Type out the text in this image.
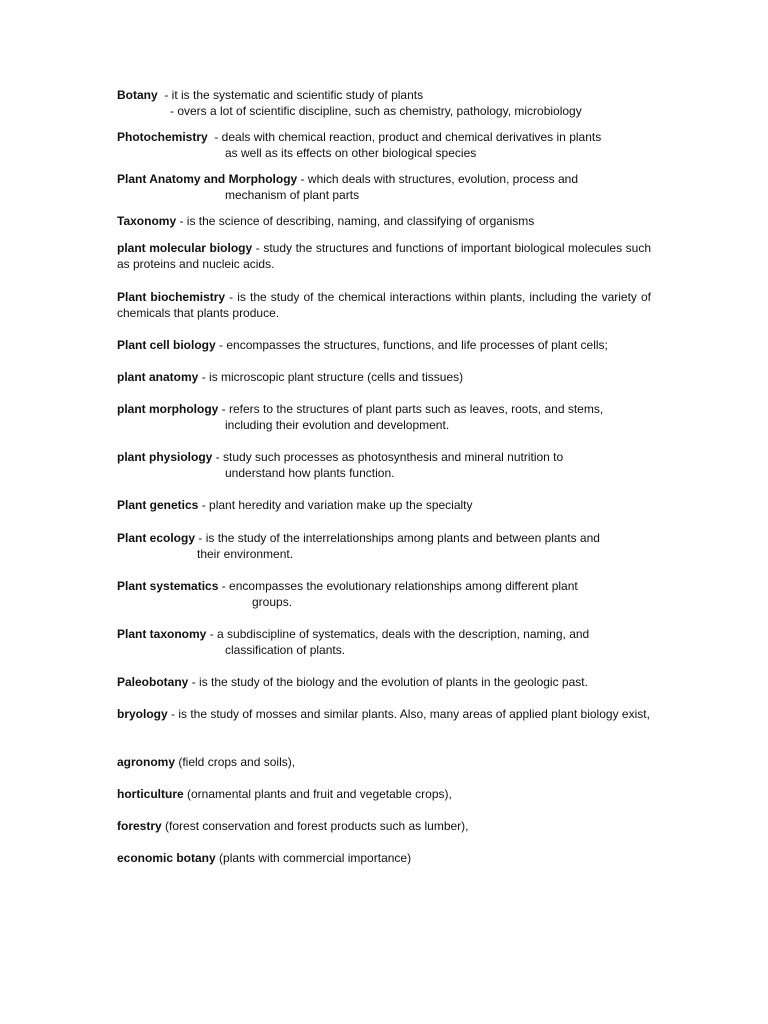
Botany  - it is the systematic and scientific study of plants
- overs a lot of scientific discipline, such as chemistry, pathology, microbiology
Photochemistry  - deals with chemical reaction, product and chemical derivatives in plants
as well as its effects on other biological species
Plant Anatomy and Morphology - which deals with structures, evolution, process and
mechanism of plant parts
Taxonomy - is the science of describing, naming, and classifying of organisms
plant molecular biology - study the structures and functions of important biological molecules such as proteins and nucleic acids.
Plant biochemistry - is the study of the chemical interactions within plants, including the variety of chemicals that plants produce.
Plant cell biology - encompasses the structures, functions, and life processes of plant cells;
plant anatomy - is microscopic plant structure (cells and tissues)
plant morphology - refers to the structures of plant parts such as leaves, roots, and stems,
including their evolution and development.
plant physiology - study such processes as photosynthesis and mineral nutrition to
understand how plants function.
Plant genetics - plant heredity and variation make up the specialty
Plant ecology - is the study of the interrelationships among plants and between plants and
their environment.
Plant systematics - encompasses the evolutionary relationships among different plant
groups.
Plant taxonomy - a subdiscipline of systematics, deals with the description, naming, and
classification of plants.
Paleobotany - is the study of the biology and the evolution of plants in the geologic past.
bryology - is the study of mosses and similar plants. Also, many areas of applied plant biology exist,
agronomy (field crops and soils),
horticulture (ornamental plants and fruit and vegetable crops),
forestry (forest conservation and forest products such as lumber),
economic botany (plants with commercial importance)
